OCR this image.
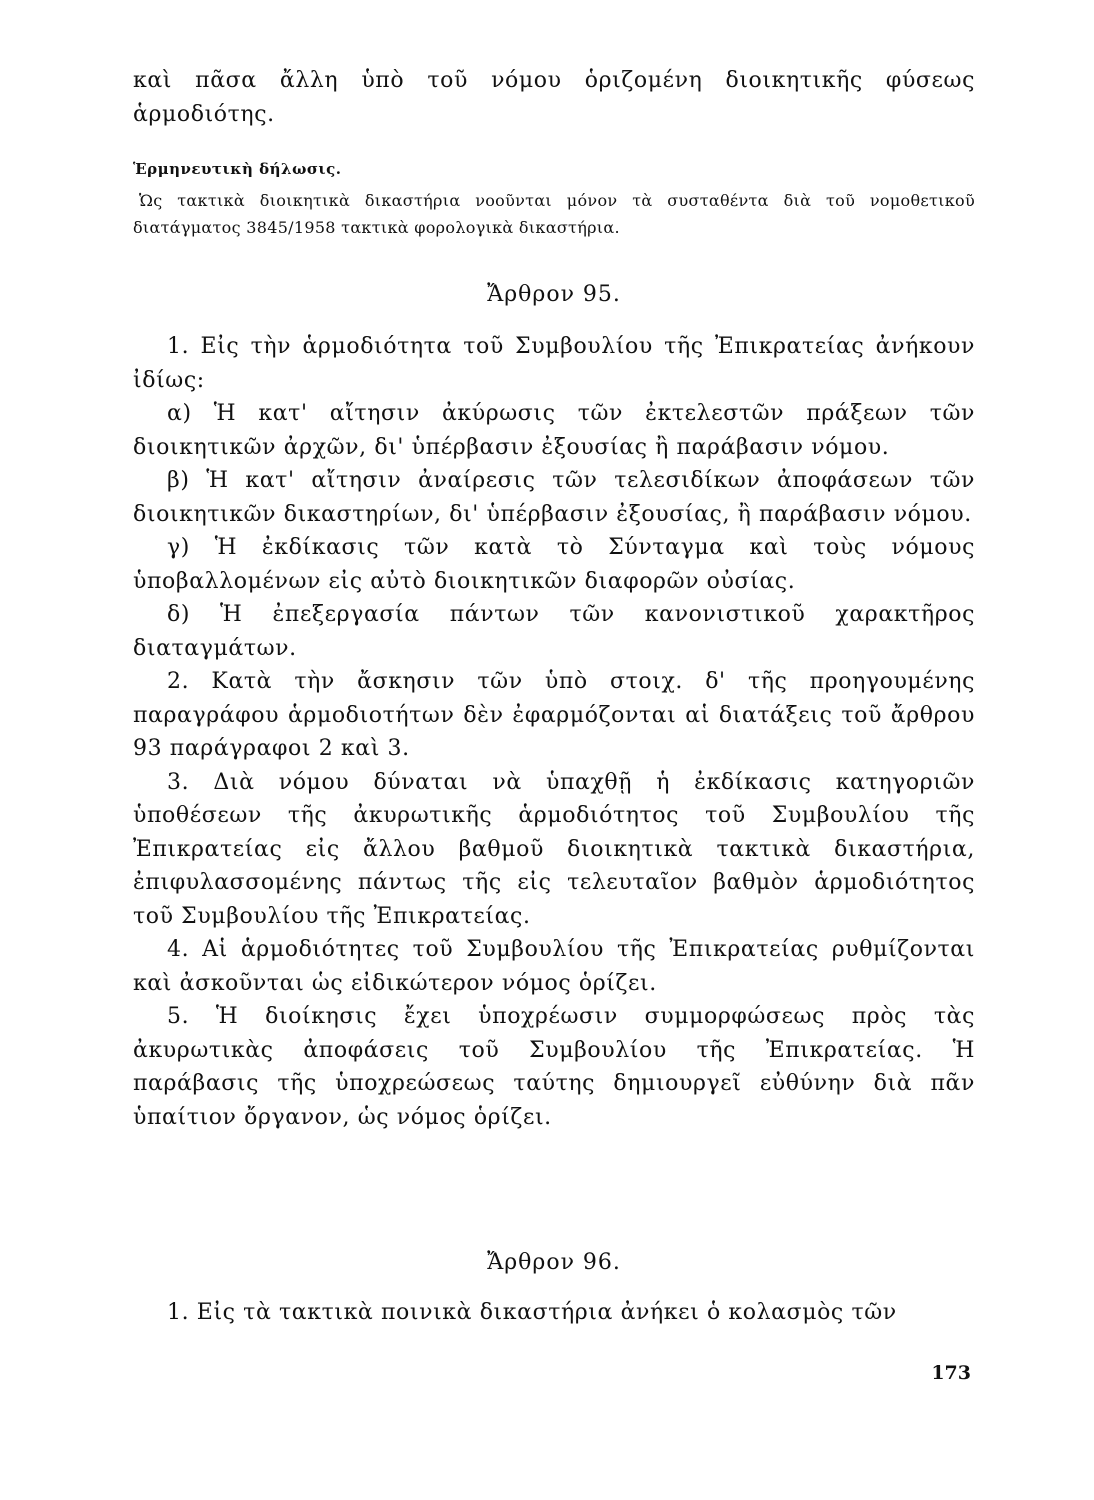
καὶ πᾶσα ἄλλη ὑπὸ τοῦ νόμου ὁριζομένη διοικητικῆς φύσεως ἁρμοδιότης.

Ἑρμηνευτικὴ δήλωσις.

Ὡς τακτικὰ διοικητικὰ δικαστήρια νοοῦνται μόνον τὰ συσταθέντα διὰ τοῦ νομοθετικοῦ διατάγματος 3845/1958 τακτικὰ φορολογικὰ δικαστήρια.

Ἄρθρον 95.

1. Εἰς τὴν ἁρμοδιότητα τοῦ Συμβουλίου τῆς Ἐπικρατείας ἀνήκουν ἰδίως:

α) Ἡ κατ' αἴτησιν ἀκύρωσις τῶν ἐκτελεστῶν πράξεων τῶν διοικητικῶν ἀρχῶν, δι' ὑπέρβασιν ἐξουσίας ἢ παράβασιν νόμου.

β) Ἡ κατ' αἴτησιν ἀναίρεσις τῶν τελεσιδίκων ἀποφάσεων τῶν διοικητικῶν δικαστηρίων, δι' ὑπέρβασιν ἐξουσίας, ἢ παράβασιν νόμου.

γ) Ἡ ἐκδίκασις τῶν κατὰ τὸ Σύνταγμα καὶ τοὺς νόμους ὑποβαλλομένων εἰς αὐτὸ διοικητικῶν διαφορῶν οὐσίας.

δ) Ἡ ἐπεξεργασία πάντων τῶν κανονιστικοῦ χαρακτῆρος διαταγμάτων.

2. Κατὰ τὴν ἄσκησιν τῶν ὑπὸ στοιχ. δ' τῆς προηγουμένης παραγράφου ἁρμοδιοτήτων δὲν ἐφαρμόζονται αἱ διατάξεις τοῦ ἄρθρου 93 παράγραφοι 2 καὶ 3.

3. Διὰ νόμου δύναται νὰ ὑπαχθῇ ἡ ἐκδίκασις κατηγοριῶν ὑποθέσεων τῆς ἀκυρωτικῆς ἁρμοδιότητος τοῦ Συμβουλίου τῆς Ἐπικρατείας εἰς ἄλλου βαθμοῦ διοικητικὰ τακτικὰ δικαστήρια, ἐπιφυλασσομένης πάντως τῆς εἰς τελευταῖον βαθμὸν ἁρμοδιότητος τοῦ Συμβουλίου τῆς Ἐπικρατείας.

4. Αἱ ἁρμοδιότητες τοῦ Συμβουλίου τῆς Ἐπικρατείας ρυθμίζονται καὶ ἀσκοῦνται ὡς εἰδικώτερον νόμος ὁρίζει.

5. Ἡ διοίκησις ἔχει ὑποχρέωσιν συμμορφώσεως πρὸς τὰς ἀκυρωτικὰς ἀποφάσεις τοῦ Συμβουλίου τῆς Ἐπικρατείας. Ἡ παράβασις τῆς ὑποχρεώσεως ταύτης δημιουργεῖ εὐθύνην διὰ πᾶν ὑπαίτιον ὄργανον, ὡς νόμος ὁρίζει.

Ἄρθρον 96.

1. Εἰς τὰ τακτικὰ ποινικὰ δικαστήρια ἀνήκει ὁ κολασμὸς τῶν

173
